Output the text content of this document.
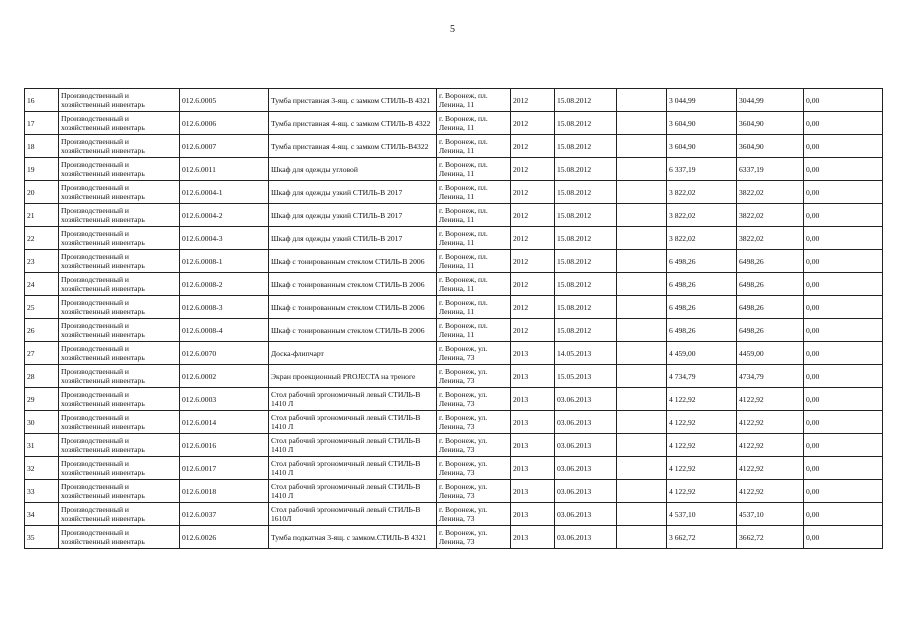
5
16	Производственный и хозяйственный инвентарь	012.6.0005	Тумба приставная 3-ящ. с замком СТИЛЬ-В 4321	г. Воронеж, пл. Ленина, 11	2012	15.08.2012		3 044,99	3044,99	0,00
17	Производственный и хозяйственный инвентарь	012.6.0006	Тумба приставная 4-ящ. с замком СТИЛЬ-В 4322	г. Воронеж, пл. Ленина, 11	2012	15.08.2012		3 604,90	3604,90	0,00
18	Производственный и хозяйственный инвентарь	012.6.0007	Тумба приставная 4-ящ. с замком СТИЛЬ-В4322	г. Воронеж, пл. Ленина, 11	2012	15.08.2012		3 604,90	3604,90	0,00
19	Производственный и хозяйственный инвентарь	012.6.0011	Шкаф для одежды угловой	г. Воронеж, пл. Ленина, 11	2012	15.08.2012		6 337,19	6337,19	0,00
20	Производственный и хозяйственный инвентарь	012.6.0004-1	Шкаф для одежды узкий СТИЛЬ-В 2017	г. Воронеж, пл. Ленина, 11	2012	15.08.2012		3 822,02	3822,02	0,00
21	Производственный и хозяйственный инвентарь	012.6.0004-2	Шкаф для одежды узкий СТИЛЬ-В 2017	г. Воронеж, пл. Ленина, 11	2012	15.08.2012		3 822,02	3822,02	0,00
22	Производственный и хозяйственный инвентарь	012.6.0004-3	Шкаф для одежды узкий СТИЛЬ-В 2017	г. Воронеж, пл. Ленина, 11	2012	15.08.2012		3 822,02	3822,02	0,00
23	Производственный и хозяйственный инвентарь	012.6.0008-1	Шкаф с тонированным стеклом СТИЛЬ-В 2006	г. Воронеж, пл. Ленина, 11	2012	15.08.2012		6 498,26	6498,26	0,00
24	Производственный и хозяйственный инвентарь	012.6.0008-2	Шкаф с тонированным стеклом СТИЛЬ-В 2006	г. Воронеж, пл. Ленина, 11	2012	15.08.2012		6 498,26	6498,26	0,00
25	Производственный и хозяйственный инвентарь	012.6.0008-3	Шкаф с тонированным стеклом СТИЛЬ-В 2006	г. Воронеж, пл. Ленина, 11	2012	15.08.2012		6 498,26	6498,26	0,00
26	Производственный и хозяйственный инвентарь	012.6.0008-4	Шкаф с тонированным стеклом СТИЛЬ-В 2006	г. Воронеж, пл. Ленина, 11	2012	15.08.2012		6 498,26	6498,26	0,00
27	Производственный и хозяйственный инвентарь	012.6.0070	Доска-флипчарт	г. Воронеж, ул. Ленина, 73	2013	14.05.2013		4 459,00	4459,00	0,00
28	Производственный и хозяйственный инвентарь	012.6.0002	Экран проекционный PROJECTA на треноге	г. Воронеж, ул. Ленина, 73	2013	15.05.2013		4 734,79	4734,79	0,00
29	Производственный и хозяйственный инвентарь	012.6.0003	Стол рабочий эргономичный левый СТИЛЬ-В 1410 Л	г. Воронеж, ул. Ленина, 73	2013	03.06.2013		4 122,92	4122,92	0,00
30	Производственный и хозяйственный инвентарь	012.6.0014	Стол рабочий эргономичный левый СТИЛЬ-В 1410 Л	г. Воронеж, ул. Ленина, 73	2013	03.06.2013		4 122,92	4122,92	0,00
31	Производственный и хозяйственный инвентарь	012.6.0016	Стол рабочий эргономичный левый СТИЛЬ-В 1410 Л	г. Воронеж, ул. Ленина, 73	2013	03.06.2013		4 122,92	4122,92	0,00
32	Производственный и хозяйственный инвентарь	012.6.0017	Стол рабочий эргономичный левый СТИЛЬ-В 1410 Л	г. Воронеж, ул. Ленина, 73	2013	03.06.2013		4 122,92	4122,92	0,00
33	Производственный и хозяйственный инвентарь	012.6.0018	Стол рабочий эргономичный левый СТИЛЬ-В 1410 Л	г. Воронеж, ул. Ленина, 73	2013	03.06.2013		4 122,92	4122,92	0,00
34	Производственный и хозяйственный инвентарь	012.6.0037	Стол рабочий эргономичный левый СТИЛЬ-В 1610Л	г. Воронеж, ул. Ленина, 73	2013	03.06.2013		4 537,10	4537,10	0,00
35	Производственный и хозяйственный инвентарь	012.6.0026	Тумба подкатная 3-ящ. с замком.СТИЛЬ-В 4321	г. Воронеж, ул. Ленина, 73	2013	03.06.2013		3 662,72	3662,72	0,00
